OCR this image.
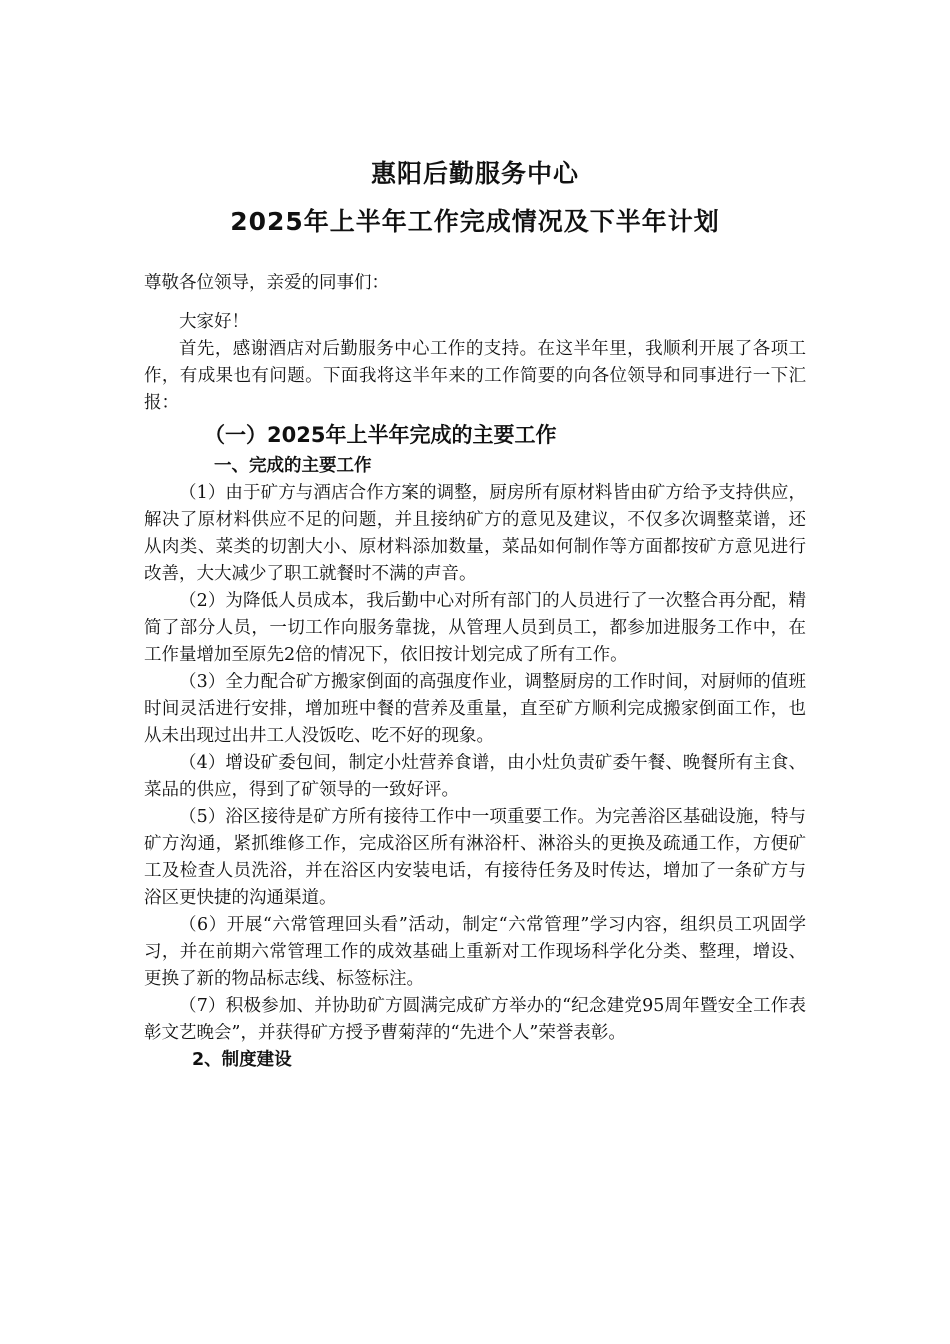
惠阳后勤服务中心
2025年上半年工作完成情况及下半年计划

尊敬各位领导，亲爱的同事们：

大家好！

首先，感谢酒店对后勤服务中心工作的支持。在这半年里，我顺利开展了各项工作，有成果也有问题。下面我将这半年来的工作简要的向各位领导和同事进行一下汇报：

（一）2025年上半年完成的主要工作

一、完成的主要工作

（1）由于矿方与酒店合作方案的调整，厨房所有原材料皆由矿方给予支持供应，解决了原材料供应不足的问题，并且接纳矿方的意见及建议，不仅多次调整菜谱，还从肉类、菜类的切割大小、原材料添加数量，菜品如何制作等方面都按矿方意见进行改善，大大减少了职工就餐时不满的声音。

（2）为降低人员成本，我后勤中心对所有部门的人员进行了一次整合再分配，精简了部分人员，一切工作向服务靠拢，从管理人员到员工，都参加进服务工作中，在工作量增加至原先2倍的情况下，依旧按计划完成了所有工作。

（3）全力配合矿方搬家倒面的高强度作业，调整厨房的工作时间，对厨师的值班时间灵活进行安排，增加班中餐的营养及重量，直至矿方顺利完成搬家倒面工作，也从未出现过出井工人没饭吃、吃不好的现象。

（4）增设矿委包间，制定小灶营养食谱，由小灶负责矿委午餐、晚餐所有主食、菜品的供应，得到了矿领导的一致好评。

（5）浴区接待是矿方所有接待工作中一项重要工作。为完善浴区基础设施，特与矿方沟通，紧抓维修工作，完成浴区所有淋浴杆、淋浴头的更换及疏通工作，方便矿工及检查人员洗浴，并在浴区内安装电话，有接待任务及时传达，增加了一条矿方与浴区更快捷的沟通渠道。

（6）开展“六常管理回头看”活动，制定“六常管理”学习内容，组织员工巩固学习，并在前期六常管理工作的成效基础上重新对工作现场科学化分类、整理，增设、更换了新的物品标志线、标签标注。

（7）积极参加、并协助矿方圆满完成矿方举办的“纪念建党95周年暨安全工作表彰文艺晚会”，并获得矿方授予曹菊萍的“先进个人”荣誉表彰。

2、制度建设
